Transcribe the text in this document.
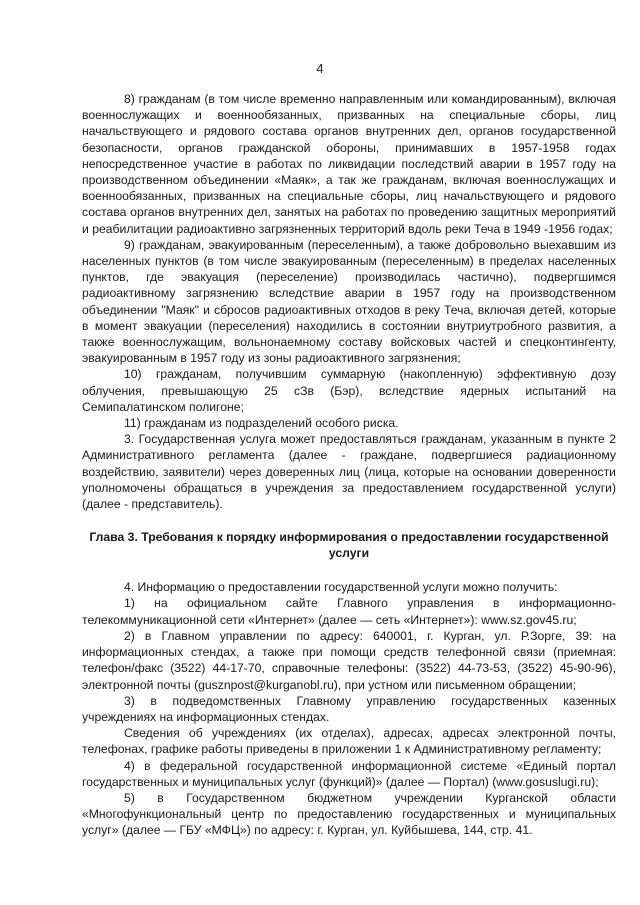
4

8) гражданам (в том числе временно направленным или командированным), включая военнослужащих и военнообязанных, призванных на специальные сборы, лиц начальствующего и рядового состава органов внутренних дел, органов государственной безопасности, органов гражданской обороны, принимавших в 1957-1958 годах непосредственное участие в работах по ликвидации последствий аварии в 1957 году на производственном объединении «Маяк», а так же гражданам, включая военнослужащих и военнообязанных, призванных на специальные сборы, лиц начальствующего и рядового состава органов внутренних дел, занятых на работах по проведению защитных мероприятий и реабилитации радиоактивно загрязненных территорий вдоль реки Теча в 1949 -1956 годах;

9) гражданам, эвакуированным (переселенным), а также добровольно выехавшим из населенных пунктов (в том числе эвакуированным (переселенным) в пределах населенных пунктов, где эвакуация (переселение) производилась частично), подвергшимся радиоактивному загрязнению вследствие аварии в 1957 году на производственном объединении "Маяк" и сбросов радиоактивных отходов в реку Теча, включая детей, которые в момент эвакуации (переселения) находились в состоянии внутриутробного развития, а также военнослужащим, вольнонаемному составу войсковых частей и спецконтингенту, эвакуированным в 1957 году из зоны радиоактивного загрязнения;

10) гражданам, получившим суммарную (накопленную) эффективную дозу облучения, превышающую 25 сЗв (Бэр), вследствие ядерных испытаний на Семипалатинском полигоне;

11) гражданам из подразделений особого риска.

3. Государственная услуга может предоставляться гражданам, указанным в пункте 2 Административного регламента (далее - граждане, подвергшиеся радиационному воздействию, заявители) через доверенных лиц (лица, которые на основании доверенности уполномочены обращаться в учреждения за предоставлением государственной услуги) (далее - представитель).

Глава 3. Требования к порядку информирования о предоставлении государственной услуги

4. Информацию о предоставлении государственной услуги можно получить:

1) на официальном сайте Главного управления в информационно-телекоммуникационной сети «Интернет» (далее — сеть «Интернет»): www.sz.gov45.ru;

2) в Главном управлении по адресу: 640001, г. Курган, ул. Р.Зорге, 39: на информационных стендах, а также при помощи средств телефонной связи (приемная: телефон/факс (3522) 44-17-70, справочные телефоны: (3522) 44-73-53, (3522) 45-90-96), электронной почты (gusznpost@kurganobl.ru), при устном или письменном обращении;

3) в подведомственных Главному управлению государственных казенных учреждениях на информационных стендах.

Сведения об учреждениях (их отделах), адресах, адресах электронной почты, телефонах, графике работы приведены в приложении 1 к Административному регламенту;

4) в федеральной государственной информационной системе «Единый портал государственных и муниципальных услуг (функций)» (далее — Портал) (www.gosuslugi.ru);

5) в Государственном бюджетном учреждении Курганской области «Многофункциональный центр по предоставлению государственных и муниципальных услуг» (далее — ГБУ «МФЦ») по адресу: г. Курган, ул. Куйбышева, 144, стр. 41.
